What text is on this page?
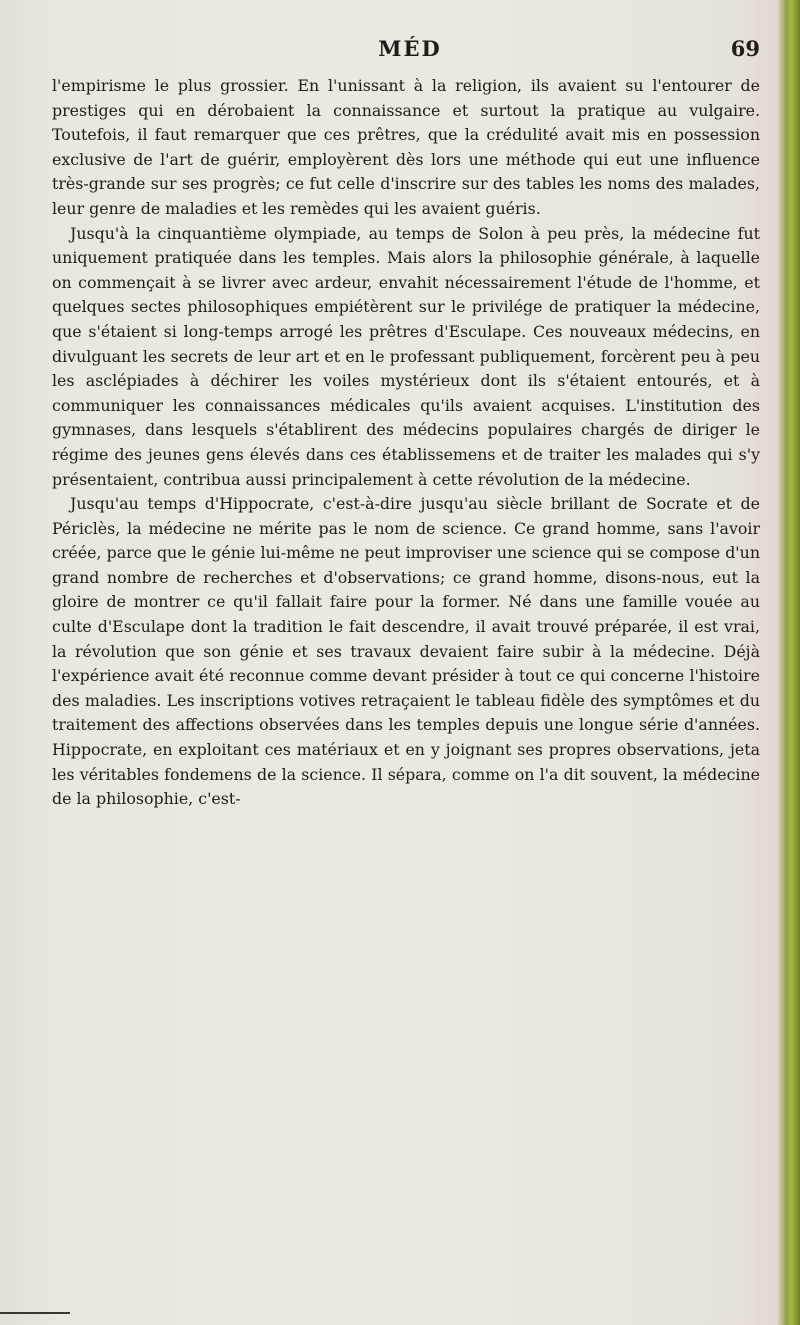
MÉD	69

l'empirisme le plus grossier. En l'unissant à la religion, ils avaient su l'entourer de prestiges qui en dérobaient la connaissance et surtout la pratique au vulgaire. Toutefois, il faut remarquer que ces prêtres, que la crédulité avait mis en possession exclusive de l'art de guérir, employèrent dès lors une méthode qui eut une influence très-grande sur ses progrès; ce fut celle d'inscrire sur des tables les noms des malades, leur genre de maladies et les remèdes qui les avaient guéris.

Jusqu'à la cinquantième olympiade, au temps de Solon à peu près, la médecine fut uniquement pratiquée dans les temples. Mais alors la philosophie générale, à laquelle on commençait à se livrer avec ardeur, envahit nécessairement l'étude de l'homme, et quelques sectes philosophiques empiétèrent sur le privilége de pratiquer la médecine, que s'étaient si long-temps arrogé les prêtres d'Esculape. Ces nouveaux médecins, en divulguant les secrets de leur art et en le professant publiquement, forcèrent peu à peu les asclépiades à déchirer les voiles mystérieux dont ils s'étaient entourés, et à communiquer les connaissances médicales qu'ils avaient acquises. L'institution des gymnases, dans lesquels s'établirent des médecins populaires chargés de diriger le régime des jeunes gens élevés dans ces établissemens et de traiter les malades qui s'y présentaient, contribua aussi principalement à cette révolution de la médecine.

Jusqu'au temps d'Hippocrate, c'est-à-dire jusqu'au siècle brillant de Socrate et de Périclès, la médecine ne mérite pas le nom de science. Ce grand homme, sans l'avoir créée, parce que le génie lui-même ne peut improviser une science qui se compose d'un grand nombre de recherches et d'observations; ce grand homme, disons-nous, eut la gloire de montrer ce qu'il fallait faire pour la former. Né dans une famille vouée au culte d'Esculape dont la tradition le fait descendre, il avait trouvé préparée, il est vrai, la révolution que son génie et ses travaux devaient faire subir à la médecine. Déjà l'expérience avait été reconnue comme devant présider à tout ce qui concerne l'histoire des maladies. Les inscriptions votives retraçaient le tableau fidèle des symptômes et du traitement des affections observées dans les temples depuis une longue série d'années. Hippocrate, en exploitant ces matériaux et en y joignant ses propres observations, jeta les véritables fondemens de la science. Il sépara, comme on l'a dit souvent, la médecine de la philosophie, c'est-
